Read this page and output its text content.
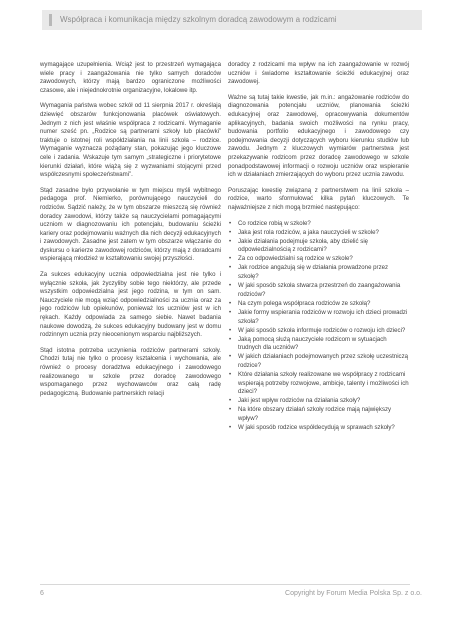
Współpraca i komunikacja między szkolnym doradcą zawodowym a rodzicami

wymagające uzupełnienia. Wciąż jest to przestrzeń wymagająca wiele pracy i zaangażowania nie tylko samych doradców zawodowych, którzy mają bardzo ograniczone możliwości czasowe, ale i niejednokrotnie organizacyjne, lokalowe itp.

Wymagania państwa wobec szkół od 11 sierpnia 2017 r. określają dziewięć obszarów funkcjonowania placówek oświatowych. Jednym z nich jest właśnie współpraca z rodzicami. Wymaganie numer sześć pn. „Rodzice są partnerami szkoły lub placówki” traktuje o istotnej roli współdziałania na linii szkoła – rodzice. Wymaganie wyznacza pożądany stan, pokazując jego kluczowe cele i zadania. Wskazuje tym samym „strategiczne i priorytetowe kierunki działań, które wiążą się z wyzwaniami stojącymi przed współczesnymi społeczeństwami”.

Stąd zasadne było przywołanie w tym miejscu myśli wybitnego pedagoga prof. Niemierko, porównującego nauczycieli do rodziców. Sądzić należy, że w tym obszarze mieszczą się również doradcy zawodowi, którzy także są nauczycielami pomagającymi uczniom w diagnozowaniu ich potencjału, budowaniu ścieżki kariery oraz podejmowaniu ważnych dla nich decyzji edukacyjnych i zawodowych. Zasadne jest zatem w tym obszarze włączanie do dyskursu o karierze zawodowej rodziców, którzy mają z doradcami wspierającą młodzież w kształtowaniu swojej przyszłości.

Za sukces edukacyjny ucznia odpowiedzialna jest nie tylko i wyłącznie szkoła, jak życzyliby sobie tego niektórzy, ale przede wszystkim odpowiedzialna jest jego rodzina, w tym on sam. Nauczyciele nie mogą wziąć odpowiedzialności za ucznia oraz za jego rodziców lub opiekunów, ponieważ los uczniów jest w ich rękach. Każdy odpowiada za samego siebie. Nawet badania naukowe dowodzą, że sukces edukacyjny budowany jest w domu rodzinnym ucznia przy nieocenionym wsparciu najbliższych.

Stąd istotna potrzeba uczynienia rodziców partnerami szkoły. Chodzi tutaj nie tylko o procesy kształcenia i wychowania, ale również o procesy doradztwa edukacyjnego i zawodowego realizowanego w szkole przez doradcę zawodowego wspomaganego przez wychowawców oraz całą radę pedagogiczną. Budowanie partnerskich relacji

doradcy z rodzicami ma wpływ na ich zaangażowanie w rozwój uczniów i świadome kształtowanie ścieżki edukacyjnej oraz zawodowej.

Ważne są tutaj takie kwestie, jak m.in.: angażowanie rodziców do diagnozowania potencjału uczniów, planowania ścieżki edukacyjnej oraz zawodowej, opracowywania dokumentów aplikacyjnych, badania swoich możliwości na rynku pracy, budowania portfolio edukacyjnego i zawodowego czy podejmowania decyzji dotyczących wyboru kierunku studiów lub zawodu. Jednym z kluczowych wymiarów partnerstwa jest przekazywanie rodzicom przez doradcę zawodowego w szkole ponadpodstawowej informacji o rozwoju uczniów oraz wspieranie ich w działaniach zmierzających do wyboru przez ucznia zawodu.

Poruszając kwestię związaną z partnerstwem na linii szkoła – rodzice, warto sformułować kilka pytań kluczowych. Te najważniejsze z nich mogą brzmieć następująco:

• Co rodzice robią w szkole?
• Jaka jest rola rodziców, a jaka nauczycieli w szkole?
• Jakie działania podejmuje szkoła, aby dzielić się odpowiedzialnością z rodzicami?
• Za co odpowiedzialni są rodzice w szkole?
• Jak rodzice angażują się w działania prowadzone przez szkołę?
• W jaki sposób szkoła stwarza przestrzeń do zaangażowania rodziców?
• Na czym polega współpraca rodziców ze szkołą?
• Jakie formy wspierania rodziców w rozwoju ich dzieci prowadzi szkoła?
• W jaki sposób szkoła informuje rodziców o rozwoju ich dzieci?
• Jaką pomocą służą nauczyciele rodzicom w sytuacjach trudnych dla uczniów?
• W jakich działaniach podejmowanych przez szkołę uczestniczą rodzice?
• Które działania szkoły realizowane we współpracy z rodzicami wspierają potrzeby rozwojowe, ambicje, talenty i możliwości ich dzieci?
• Jaki jest wpływ rodziców na działania szkoły?
• Na które obszary działań szkoły rodzice mają największy wpływ?
• W jaki sposób rodzice współdecydują w sprawach szkoły?
6	Copyright by Forum Media Polska Sp. z o.o.
